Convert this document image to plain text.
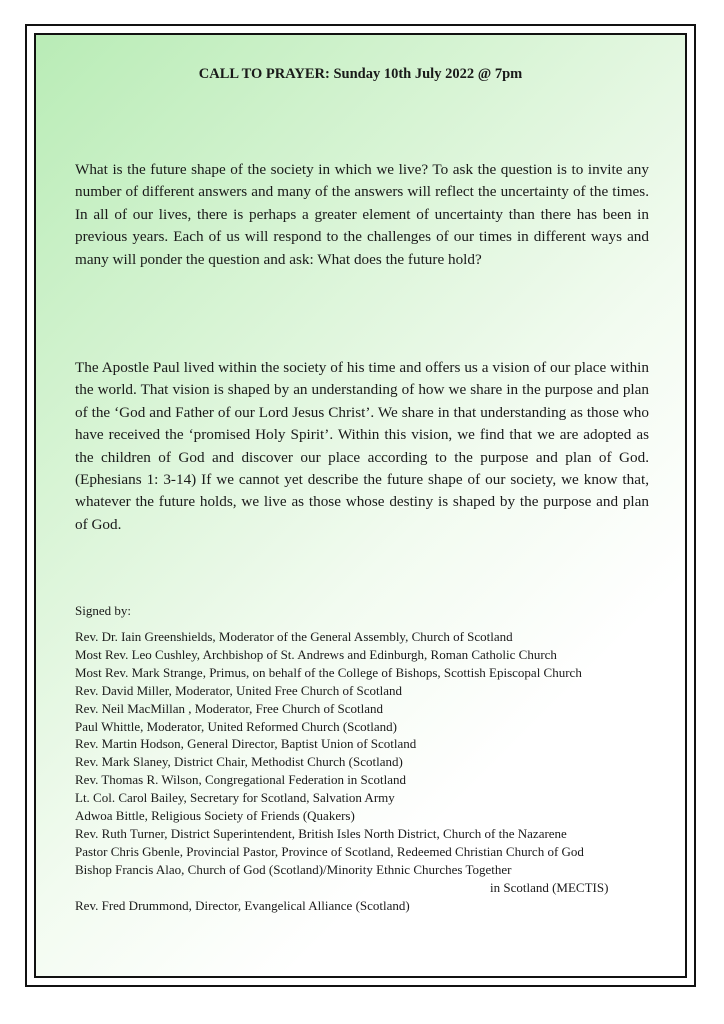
CALL TO PRAYER: Sunday 10th July 2022 @ 7pm

What is the future shape of the society in which we live? To ask the question is to invite any number of different answers and many of the answers will reflect the uncertainty of the times. In all of our lives, there is perhaps a greater element of uncertainty than there has been in previous years. Each of us will respond to the challenges of our times in different ways and many will ponder the question and ask: What does the future hold?

The Apostle Paul lived within the society of his time and offers us a vision of our place within the world. That vision is shaped by an understanding of how we share in the purpose and plan of the ‘God and Father of our Lord Jesus Christ’. We share in that understanding as those who have received the ‘promised Holy Spirit’. Within this vision, we find that we are adopted as the children of God and discover our place according to the purpose and plan of God. (Ephesians 1: 3-14) If we cannot yet describe the future shape of our society, we know that, whatever the future holds, we live as those whose destiny is shaped by the purpose and plan of God.

Signed by:

Rev. Dr. Iain Greenshields, Moderator of the General Assembly, Church of Scotland
Most Rev. Leo Cushley, Archbishop of St. Andrews and Edinburgh, Roman Catholic Church
Most Rev. Mark Strange, Primus, on behalf of the College of Bishops, Scottish Episcopal Church
Rev. David Miller, Moderator, United Free Church of Scotland
Rev. Neil MacMillan , Moderator, Free Church of Scotland
Paul Whittle, Moderator, United Reformed Church (Scotland)
Rev. Martin Hodson, General Director, Baptist Union of Scotland
Rev. Mark Slaney, District Chair, Methodist Church (Scotland)
Rev. Thomas R. Wilson, Congregational Federation in Scotland
Lt. Col. Carol Bailey, Secretary for Scotland, Salvation Army
Adwoa Bittle, Religious Society of Friends (Quakers)
Rev. Ruth Turner, District Superintendent, British Isles North District, Church of the Nazarene
Pastor Chris Gbenle, Provincial Pastor, Province of Scotland, Redeemed Christian Church of God
Bishop Francis Alao, Church of God (Scotland)/Minority Ethnic Churches Together
in Scotland (MECTIS)
Rev. Fred Drummond, Director, Evangelical Alliance (Scotland)
